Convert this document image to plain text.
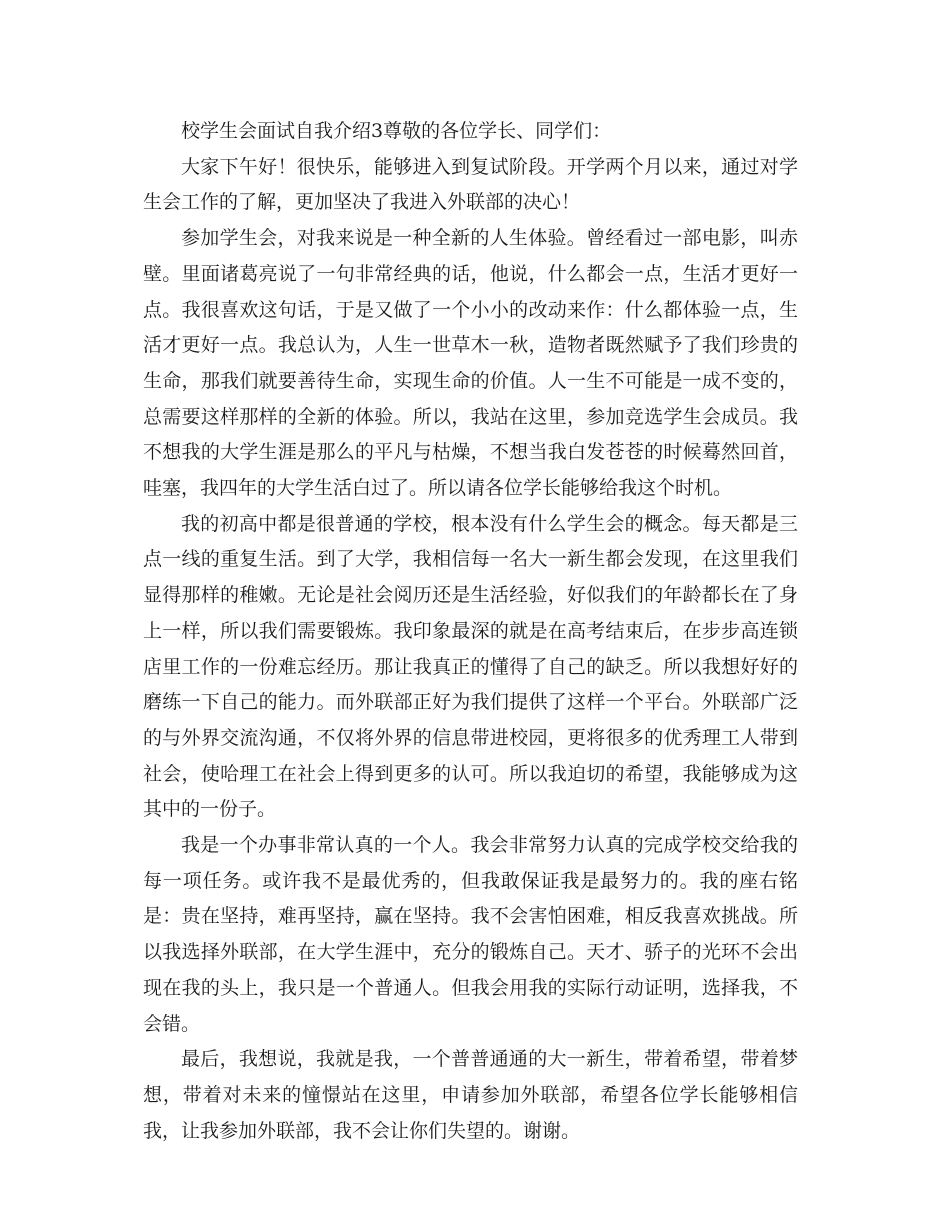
校学生会面试自我介绍3尊敬的各位学长、同学们：

大家下午好！很快乐，能够进入到复试阶段。开学两个月以来，通过对学生会工作的了解，更加坚决了我进入外联部的决心！

参加学生会，对我来说是一种全新的人生体验。曾经看过一部电影，叫赤壁。里面诸葛亮说了一句非常经典的话，他说，什么都会一点，生活才更好一点。我很喜欢这句话，于是又做了一个小小的改动来作：什么都体验一点，生活才更好一点。我总认为，人生一世草木一秋，造物者既然赋予了我们珍贵的生命，那我们就要善待生命，实现生命的价值。人一生不可能是一成不变的，总需要这样那样的全新的体验。所以，我站在这里，参加竞选学生会成员。我不想我的大学生涯是那么的平凡与枯燥，不想当我白发苍苍的时候蓦然回首，哇塞，我四年的大学生活白过了。所以请各位学长能够给我这个时机。

我的初高中都是很普通的学校，根本没有什么学生会的概念。每天都是三点一线的重复生活。到了大学，我相信每一名大一新生都会发现，在这里我们显得那样的稚嫩。无论是社会阅历还是生活经验，好似我们的年龄都长在了身上一样，所以我们需要锻炼。我印象最深的就是在高考结束后，在步步高连锁店里工作的一份难忘经历。那让我真正的懂得了自己的缺乏。所以我想好好的磨练一下自己的能力。而外联部正好为我们提供了这样一个平台。外联部广泛的与外界交流沟通，不仅将外界的信息带进校园，更将很多的优秀理工人带到社会，使哈理工在社会上得到更多的认可。所以我迫切的希望，我能够成为这其中的一份子。

我是一个办事非常认真的一个人。我会非常努力认真的完成学校交给我的每一项任务。或许我不是最优秀的，但我敢保证我是最努力的。我的座右铭是：贵在坚持，难再坚持，赢在坚持。我不会害怕困难，相反我喜欢挑战。所以我选择外联部，在大学生涯中，充分的锻炼自己。天才、骄子的光环不会出现在我的头上，我只是一个普通人。但我会用我的实际行动证明，选择我，不会错。

最后，我想说，我就是我，一个普普通通的大一新生，带着希望，带着梦想，带着对未来的憧憬站在这里，申请参加外联部，希望各位学长能够相信我，让我参加外联部，我不会让你们失望的。谢谢。
